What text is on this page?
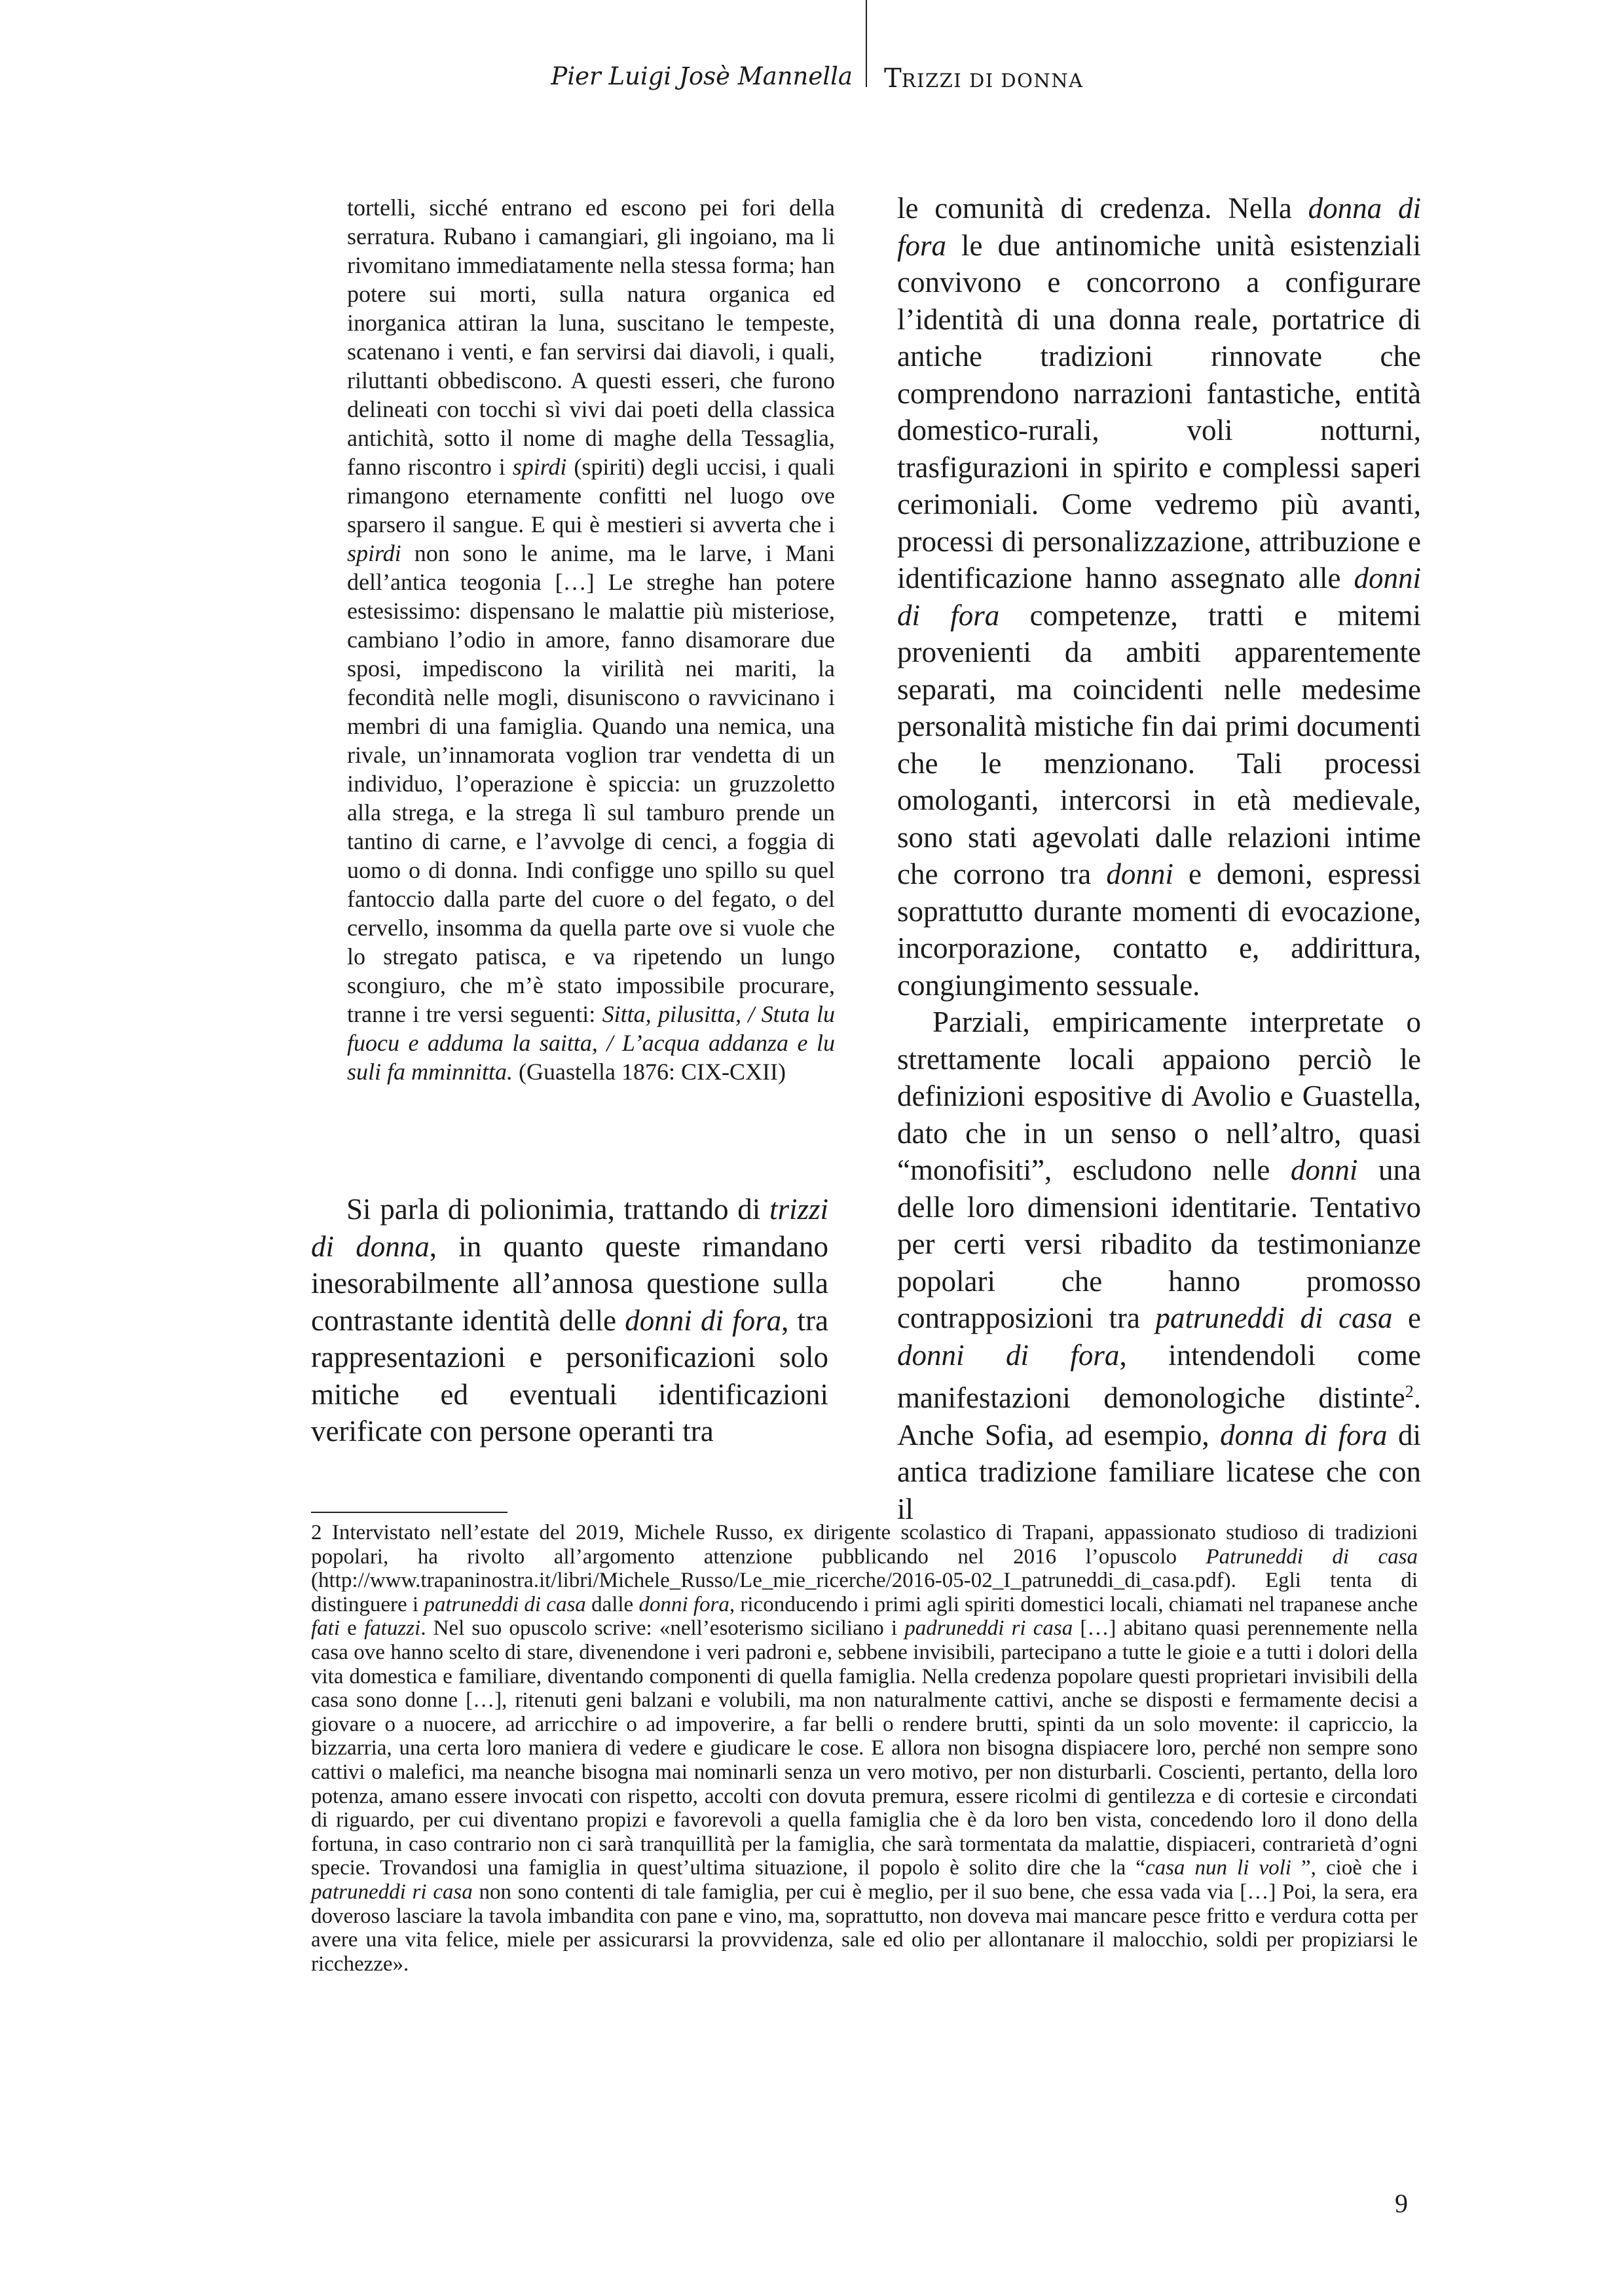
Pier Luigi Josè Mannella TRIZZI DI DONNA

tortelli, sicché entrano ed escono pei fori della serratura. Rubano i camangiari, gli ingoiano, ma li rivomitano immediatamente nella stessa forma; han potere sui morti, sulla natura organica ed inorganica attiran la luna, suscitano le tempeste, scatenano i venti, e fan servirsi dai diavoli, i quali, riluttanti obbediscono. A questi esseri, che furono delineati con tocchi sì vivi dai poeti della classica antichità, sotto il nome di maghe della Tessaglia, fanno riscontro i spirdi (spiriti) degli uccisi, i quali rimangono eternamente confitti nel luogo ove sparsero il sangue. E qui è mestieri si avverta che i spirdi non sono le anime, ma le larve, i Mani dell’antica teogonia […] Le streghe han potere estesissimo: dispensano le malattie più misteriose, cambiano l’odio in amore, fanno disamorare due sposi, impediscono la virilità nei mariti, la fecondità nelle mogli, disuniscono o ravvicinano i membri di una famiglia. Quando una nemica, una rivale, un’innamorata voglion trar vendetta di un individuo, l’operazione è spiccia: un gruzzoletto alla strega, e la strega lì sul tamburo prende un tantino di carne, e l’avvolge di cenci, a foggia di uomo o di donna. Indi configge uno spillo su quel fantoccio dalla parte del cuore o del fegato, o del cervello, insomma da quella parte ove si vuole che lo stregato patisca, e va ripetendo un lungo scongiuro, che m’è stato impossibile procurare, tranne i tre versi seguenti: Sitta, pilusitta, / Stuta lu fuocu e adduma la saitta, / L’acqua addanza e lu suli fa mminnitta. (Guastella 1876: CIX-CXII)

Si parla di polionimia, trattando di trizzi di donna, in quanto queste rimandano inesorabilmente all’annosa questione sulla contrastante identità delle donni di fora, tra rappresentazioni e personificazioni solo mitiche ed eventuali identificazioni verificate con persone operanti tra

le comunità di credenza. Nella donna di fora le due antinomiche unità esistenziali convivono e concorrono a configurare l’identità di una donna reale, portatrice di antiche tradizioni rinnovate che comprendono narrazioni fantastiche, entità domestico-rurali, voli notturni, trasfigurazioni in spirito e complessi saperi cerimoniali. Come vedremo più avanti, processi di personalizzazione, attribuzione e identificazione hanno assegnato alle donni di fora competenze, tratti e mitemi provenienti da ambiti apparentemente separati, ma coincidenti nelle medesime personalità mistiche fin dai primi documenti che le menzionano. Tali processi omologanti, intercorsi in età medievale, sono stati agevolati dalle relazioni intime che corrono tra donni e demoni, espressi soprattutto durante momenti di evocazione, incorporazione, contatto e, addirittura, congiungimento sessuale.

Parziali, empiricamente interpretate o strettamente locali appaiono perciò le definizioni espositive di Avolio e Guastella, dato che in un senso o nell’altro, quasi “monofisiti”, escludono nelle donni una delle loro dimensioni identitarie. Tentativo per certi versi ribadito da testimonianze popolari che hanno promosso contrapposizioni tra patruneddi di casa e donni di fora, intendendoli come manifestazioni demonologiche distinte$^2$. Anche Sofia, ad esempio, donna di fora di antica tradizione familiare licatese che con il

2 Intervistato nell’estate del 2019, Michele Russo, ex dirigente scolastico di Trapani, appassionato studioso di tradizioni popolari, ha rivolto all’argomento attenzione pubblicando nel 2016 l’opuscolo Patruneddi di casa (http://www.trapaninostra.it/libri/Michele_Russo/Le_mie_ricerche/2016-05-02_I_patruneddi_di_casa.pdf). Egli tenta di distinguere i patruneddi di casa dalle donni fora, riconducendo i primi agli spiriti domestici locali, chiamati nel trapanese anche fati e fatuzzi. Nel suo opuscolo scrive: «nell’esoterismo siciliano i padruneddi ri casa […] abitano quasi perennemente nella casa ove hanno scelto di stare, divenendone i veri padroni e, sebbene invisibili, partecipano a tutte le gioie e a tutti i dolori della vita domestica e familiare, diventando componenti di quella famiglia. Nella credenza popolare questi proprietari invisibili della casa sono donne […], ritenuti geni balzani e volubili, ma non naturalmente cattivi, anche se disposti e fermamente decisi a giovare o a nuocere, ad arricchire o ad impoverire, a far belli o rendere brutti, spinti da un solo movente: il capriccio, la bizzarria, una certa loro maniera di vedere e giudicare le cose. E allora non bisogna dispiacere loro, perché non sempre sono cattivi o malefici, ma neanche bisogna mai nominarli senza un vero motivo, per non disturbarli. Coscienti, pertanto, della loro potenza, amano essere invocati con rispetto, accolti con dovuta premura, essere ricolmi di gentilezza e di cortesie e circondati di riguardo, per cui diventano propizi e favorevoli a quella famiglia che è da loro ben vista, concedendo loro il dono della fortuna, in caso contrario non ci sarà tranquillità per la famiglia, che sarà tormentata da malattie, dispiaceri, contrarietà d’ogni specie. Trovandosi una famiglia in quest’ultima situazione, il popolo è solito dire che la “casa nun li voli ”, cioè che i patruneddi ri casa non sono contenti di tale famiglia, per cui è meglio, per il suo bene, che essa vada via […] Poi, la sera, era doveroso lasciare la tavola imbandita con pane e vino, ma, soprattutto, non doveva mai mancare pesce fritto e verdura cotta per avere una vita felice, miele per assicurarsi la provvidenza, sale ed olio per allontanare il malocchio, soldi per propiziarsi le ricchezze».

9
